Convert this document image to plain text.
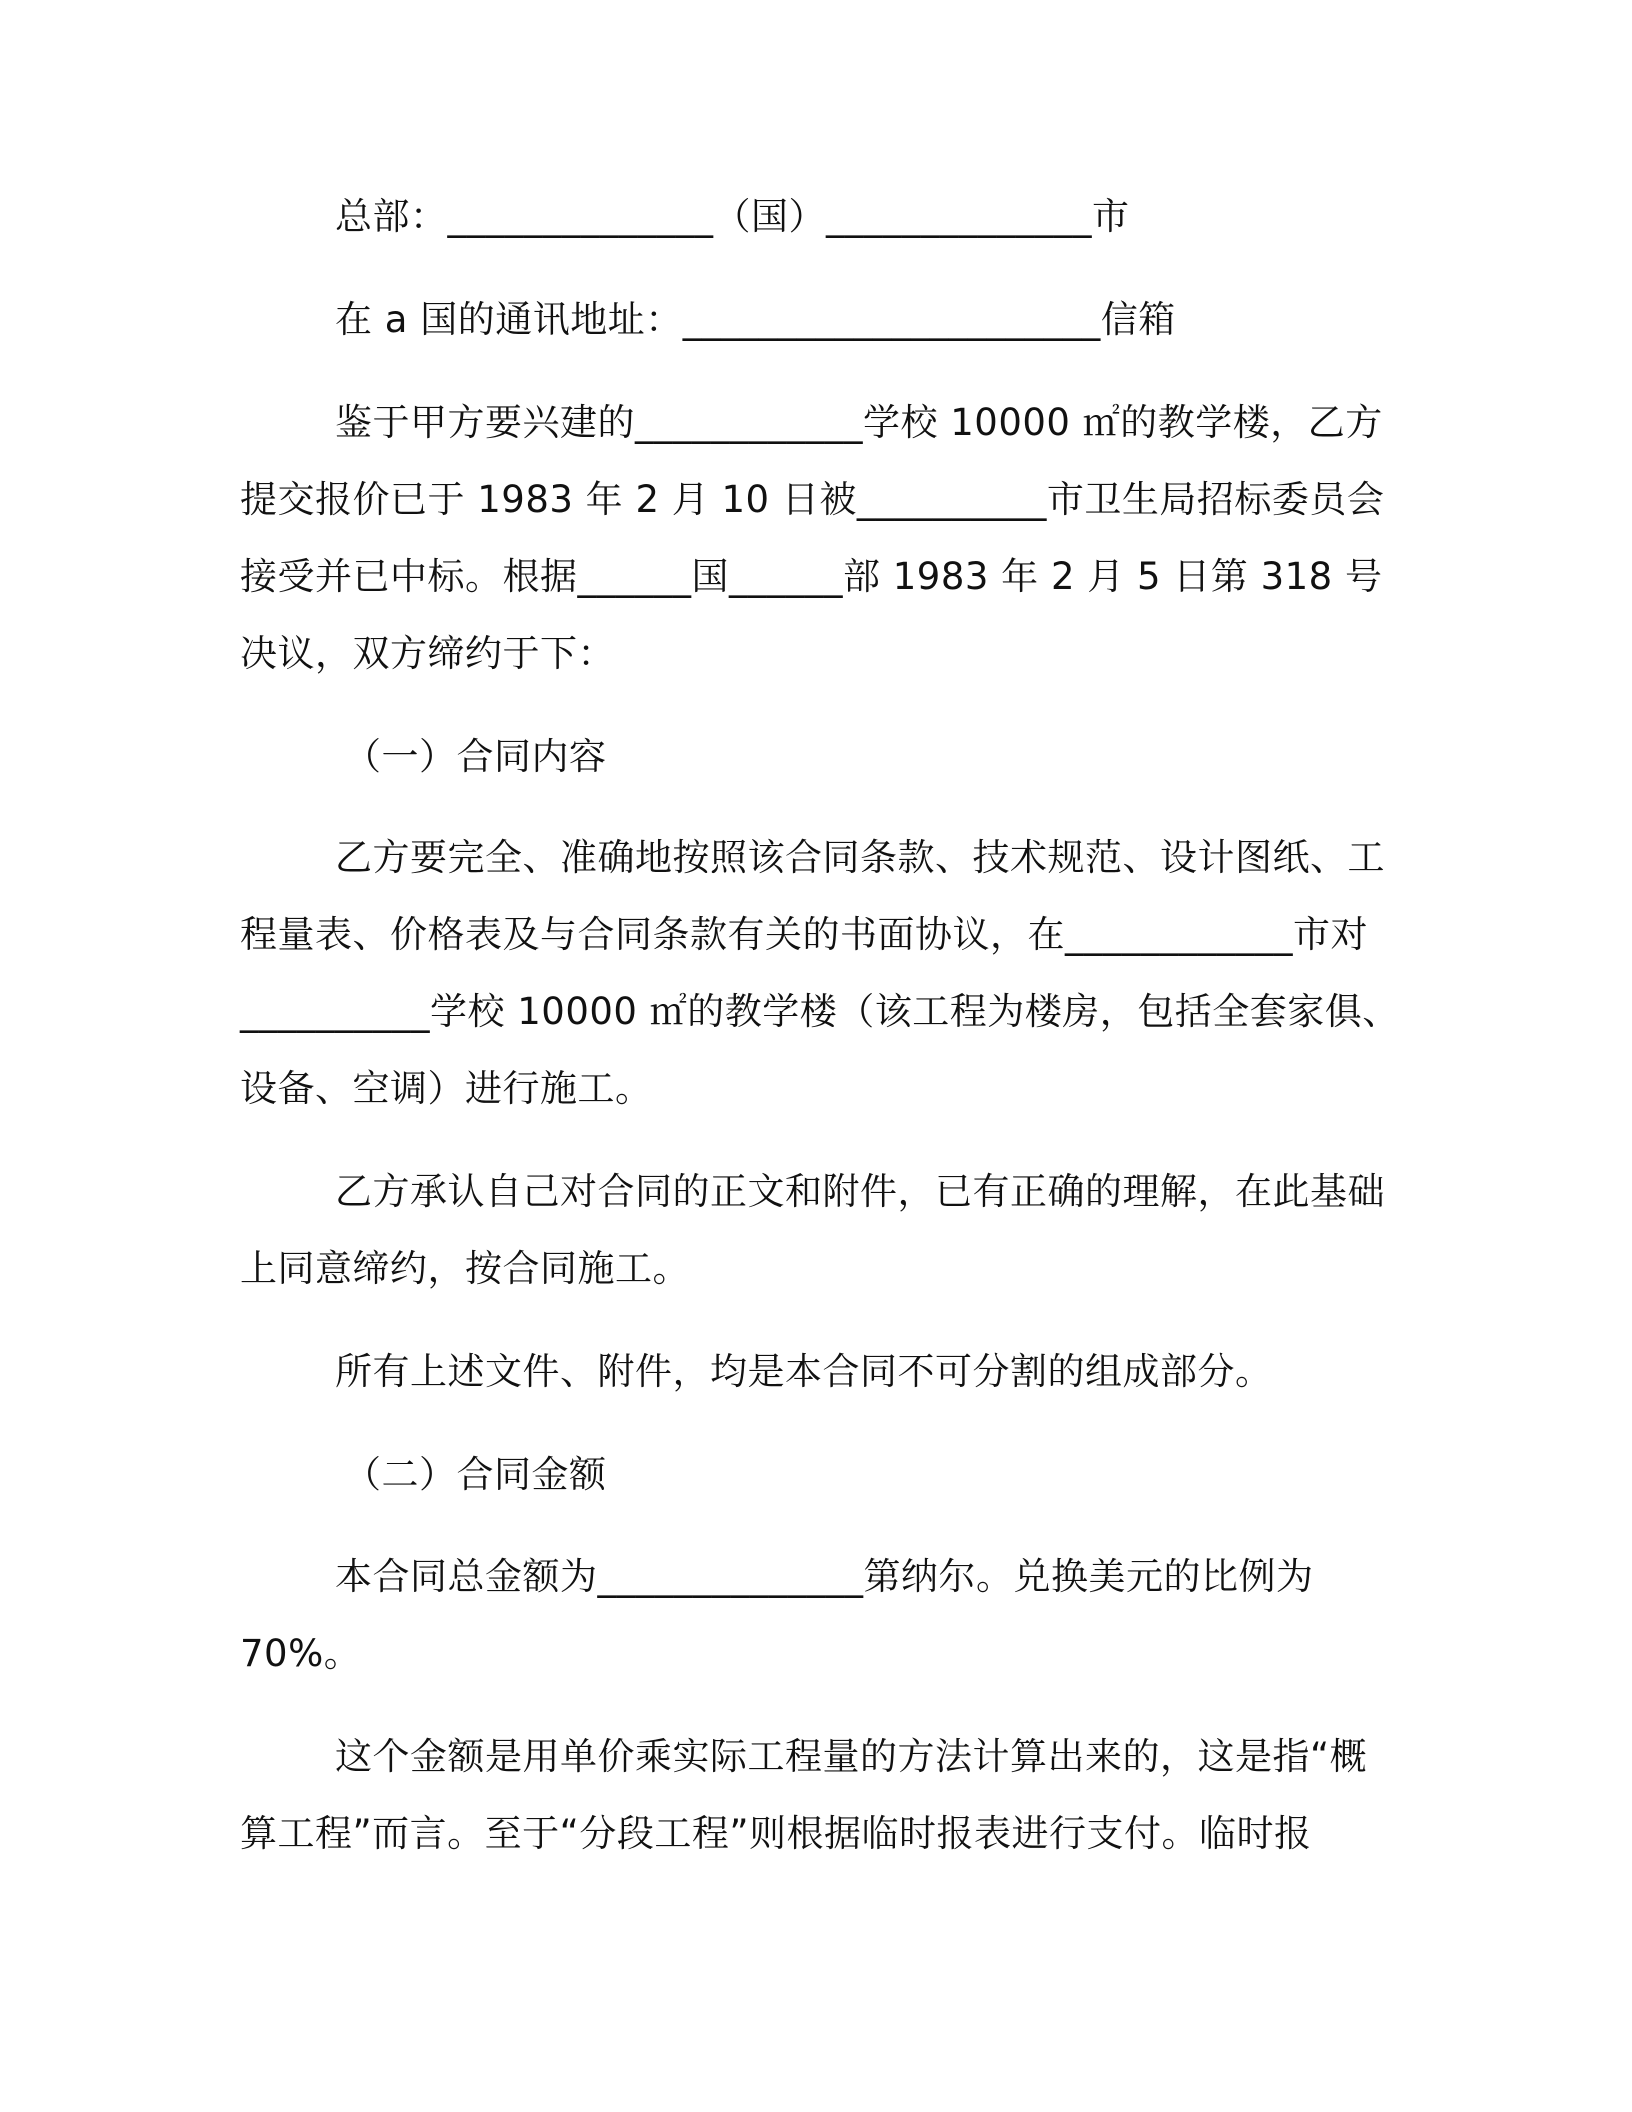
总部：______________（国）______________市
在 a 国的通讯地址：______________________信箱
鉴于甲方要兴建的____________学校 10000 ㎡的教学楼，乙方
提交报价已于 1983 年 2 月 10 日被__________市卫生局招标委员会
接受并已中标。根据______国______部 1983 年 2 月 5 日第 318 号
决议，双方缔约于下：
（一）合同内容
乙方要完全、准确地按照该合同条款、技术规范、设计图纸、工
程量表、价格表及与合同条款有关的书面协议，在____________市对
__________学校 10000 ㎡的教学楼（该工程为楼房，包括全套家俱、
设备、空调）进行施工。
乙方承认自己对合同的正文和附件，已有正确的理解，在此基础
上同意缔约，按合同施工。
所有上述文件、附件，均是本合同不可分割的组成部分。
（二）合同金额
本合同总金额为______________第纳尔。兑换美元的比例为
70%。
这个金额是用单价乘实际工程量的方法计算出来的，这是指“概
算工程”而言。至于“分段工程”则根据临时报表进行支付。临时报
